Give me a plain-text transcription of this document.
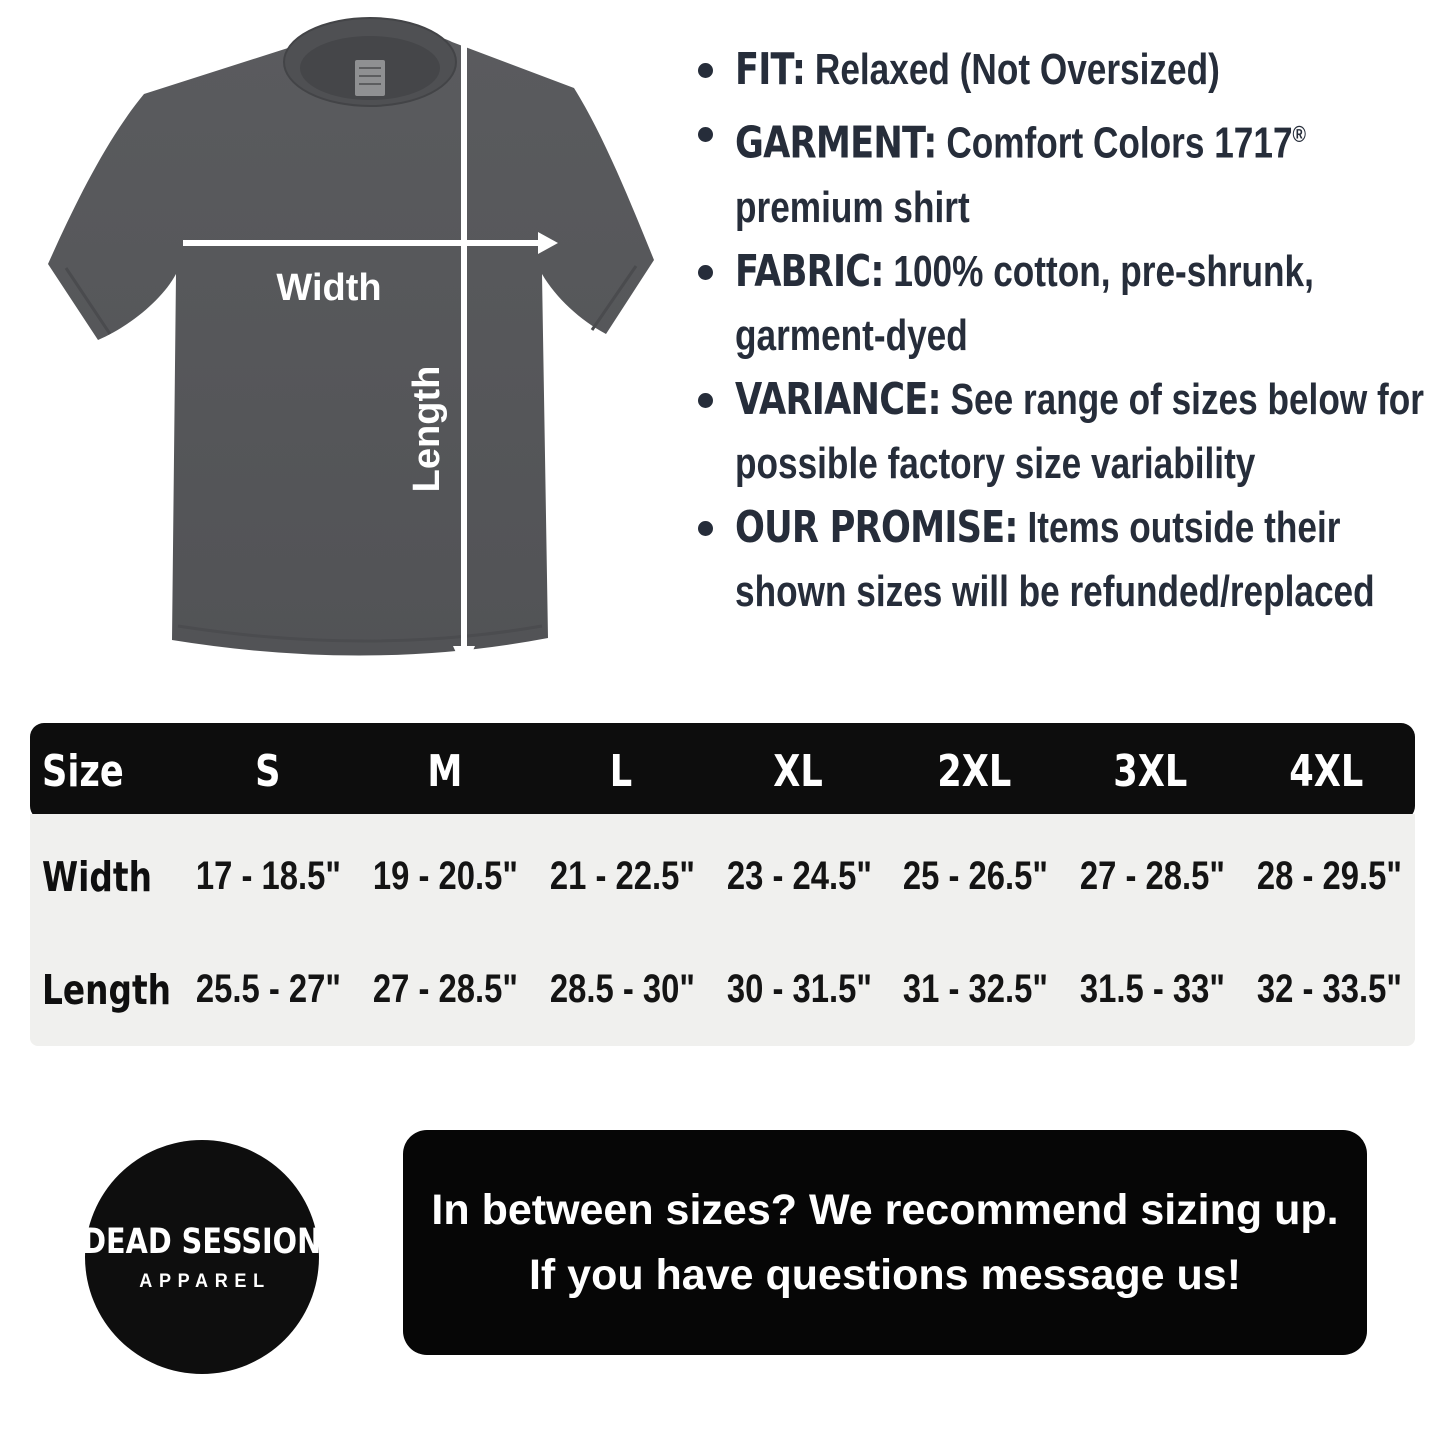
Width
Length
FIT: Relaxed (Not Oversized)
GARMENT: Comfort Colors 1717®
premium shirt
FABRIC: 100% cotton, pre-shrunk,
garment-dyed
VARIANCE: See range of sizes below for
possible factory size variability
OUR PROMISE: Items outside their
shown sizes will be refunded/replaced
Size	S	M	L	XL	2XL	3XL	4XL
Width	17 - 18.5" 19 - 20.5" 21 - 22.5" 23 - 24.5" 25 - 26.5" 27 - 28.5" 28 - 29.5"
Length 25.5 - 27" 27 - 28.5" 28.5 - 30" 30 - 31.5" 31 - 32.5" 31.5 - 33" 32 - 33.5"
DEAD SESSION
APPAREL
In between sizes? We recommend sizing up.
If you have questions message us!
